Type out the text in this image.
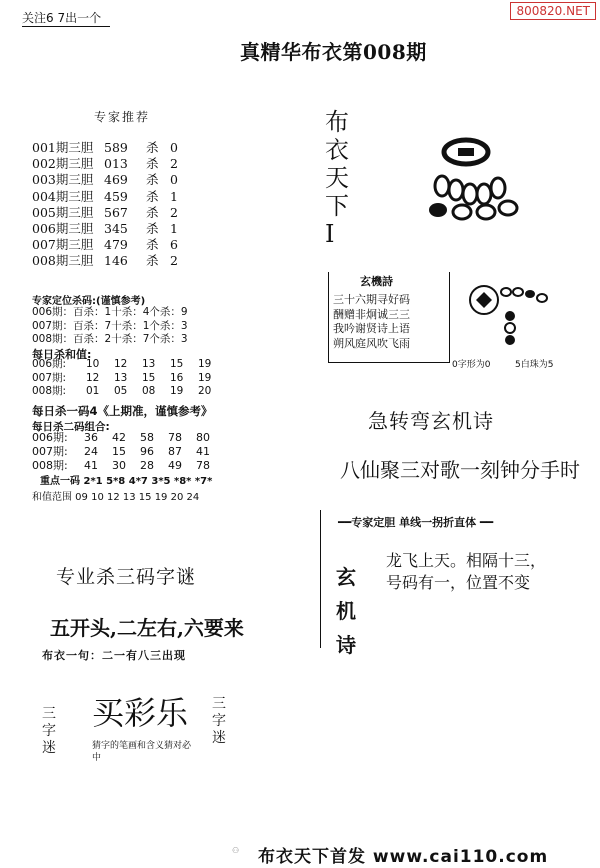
关注6 7出一个	800820.NET
真精华布衣第008期
专家推荐
001期三胆 589 杀 0
002期三胆 013 杀 2
003期三胆 469 杀 0
004期三胆 459 杀 1
005期三胆 567 杀 2
006期三胆 345 杀 1
007期三胆 479 杀 6
008期三胆 146 杀 2
专家定位杀码:(谨慎参考)
006期：百杀：1十杀：4个杀：9
007期：百杀：7十杀：1个杀：3
008期：百杀：2十杀：7个杀：3
每日杀和值:
006期: 10 12 13 15 19
007期: 12 13 15 16 19
008期: 01 05 08 19 20
每日杀一码4《上期准，谨慎参考》
每日杀二码组合:
006期: 36 42 58 78 80
007期: 24 15 96 87 41
008期: 41 30 28 49 78
重点一码 2*1 5*8 4*7 3*5 *8* *7*
和值范围 09 10 12 13 15 19 20 24
专业杀三码字谜
五开头,二左右,六要来
布衣一句：二一有八三出现
三字迷
买彩乐
猜字的笔画和含义猜对必中
三字迷
布衣天下Ⅰ
玄機詩
三十六期寻好码
酬赠非炯诚三三
我吟谢贤诗上语
朔风庭风吹飞雨
0字形为0	5白珠为5
急转弯玄机诗
八仙聚三对歌一刻钟分手时
━━专家定胆 单线一拐折直体 ━━
玄机诗
龙飞上天。相隔十三，
号码有一，位置不变
⚇ 布衣天下首发 www.cai110.com
